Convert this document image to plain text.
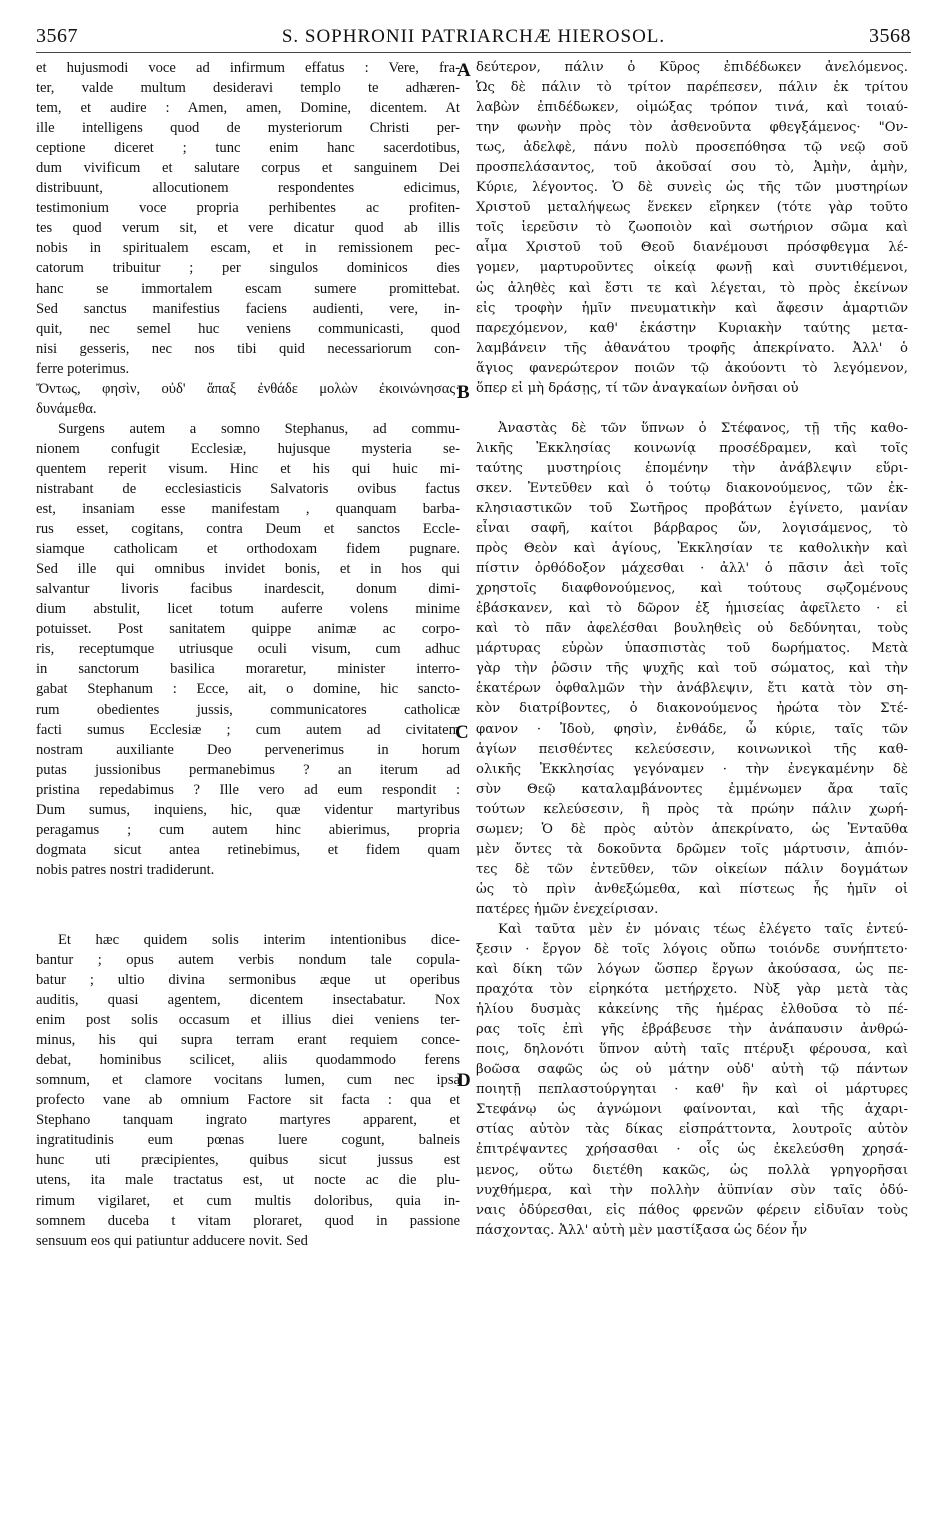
3567	S. SOPHRONII PATRIARCHÆ HIEROSOL.	3568
A
B
C
D
et hujusmodi voce ad infirmum effatus : Vere, fra-
ter, valde multum desideravi templo te adhæren-
tem, et audire : Amen, amen, Domine, dicentem. At
ille intelligens quod de mysteriorum Christi per-
ceptione diceret ; tunc enim hanc sacerdotibus,
dum vivificum et salutare corpus et sanguinem Dei
distribuunt, allocutionem respondentes edicimus,
testimonium voce propria perhibentes ac profiten-
tes quod verum sit, et vere dicatur quod ab illis
nobis in spiritualem escam, et in remissionem pec-
catorum tribuitur ; per singulos dominicos dies
hanc se immortalem escam sumere promittebat.
Sed sanctus manifestius faciens audienti, vere, in-
quit, nec semel huc veniens communicasti, quod
nisi gesseris, nec nos tibi quid necessariorum con-
ferre poterimus.
Ὄντως, φησὶν, οὐδ' ἅπαξ ἐνθάδε μολὼν ἐκοινώνησας·
δυνάμεθα.
Surgens autem a somno Stephanus, ad commu-
nionem confugit Ecclesiæ, hujusque mysteria se-
quentem reperit visum. Hinc et his qui huic mi-
nistrabant de ecclesiasticis Salvatoris ovibus factus
est, insaniam esse manifestam , quanquam barba-
rus esset, cogitans, contra Deum et sanctos Eccle-
siamque catholicam et orthodoxam fidem pugnare.
Sed ille qui omnibus invidet bonis, et in hos qui
salvantur livoris facibus inardescit, donum dimi-
dium abstulit, licet totum auferre volens minime
potuisset. Post sanitatem quippe animæ ac corpo-
ris, receptumque utriusque oculi visum, cum adhuc
in sanctorum basilica moraretur, minister interro-
gabat Stephanum : Ecce, ait, o domine, hic sancto-
rum obedientes jussis, communicatores catholicæ
facti sumus Ecclesiæ ; cum autem ad civitatem
nostram auxiliante Deo pervenerimus in horum
putas jussionibus permanebimus ? an iterum ad
pristina repedabimus ? Ille vero ad eum respondit :
Dum sumus, inquiens, hic, quæ videntur martyribus
peragamus ; cum autem hinc abierimus, propria
dogmata sicut antea retinebimus, et fidem quam
nobis patres nostri tradiderunt.
Et hæc quidem solis interim intentionibus dice-
bantur ; opus autem verbis nondum tale copula-
batur ; ultio divina sermonibus æque ut operibus
auditis, quasi agentem, dicentem insectabatur. Nox
enim post solis occasum et illius diei veniens ter-
minus, his qui supra terram erant requiem conce-
debat, hominibus scilicet, aliis quodammodo ferens
somnum, et clamore vocitans lumen, cum nec ipsa
profecto vane ab omnium Factore sit facta : qua et
Stephano tanquam ingrato martyres apparent, et
ingratitudinis eum pœnas luere cogunt, balneis
hunc uti præcipientes, quibus sicut jussus est
utens, ita male tractatus est, ut nocte ac die plu-
rimum vigilaret, et cum multis doloribus, quia in-
somnem duceba t vitam ploraret, quod in passione
sensuum eos qui patiuntur adducere novit. Sed
δεύτερον, πάλιν ὁ Κῦρος ἐπιδέδωκεν ἀνελόμενος.
Ὡς δὲ πάλιν τὸ τρίτον παρέπεσεν, πάλιν ἐκ τρίτου
λαβὼν ἐπιδέδωκεν, οἰμώξας τρόπον τινά, καὶ τοιαύ-
την φωνὴν πρὸς τὸν ἀσθενοῦντα φθεγξάμενος· "Ον-
τως, ἀδελφὲ, πάνυ πολὺ προσεπόθησα τῷ νεῷ σοῦ
προσπελάσαντος, τοῦ ἀκοῦσαί σου τὸ, Ἀμὴν, ἀμὴν,
Κύριε, λέγοντος. Ὁ δὲ συνεὶς ὡς τῆς τῶν μυστηρίων
Χριστοῦ μεταλήψεως ἕνεκεν εἴρηκεν (τότε γὰρ τοῦτο
τοῖς ἱερεῦσιν τὸ ζωοποιὸν καὶ σωτήριον σῶμα καὶ
αἷμα Χριστοῦ τοῦ Θεοῦ διανέμουσι πρόσφθεγμα λέ-
γομεν, μαρτυροῦντες οἰκείᾳ φωνῇ καὶ συντιθέμενοι,
ὡς ἀληθὲς καὶ ἔστι τε καὶ λέγεται, τὸ πρὸς ἐκείνων
εἰς τροφὴν ἡμῖν πνευματικὴν καὶ ἄφεσιν ἁμαρτιῶν
παρεχόμενον, καθ' ἑκάστην Κυριακὴν ταύτης μετα-
λαμβάνειν τῆς ἀθανάτου τροφῆς ἀπεκρίνατο. Ἀλλ' ὁ
ἅγιος φανερώτερον ποιῶν τῷ ἀκούοντι τὸ λεγόμενον,
ὅπερ εἰ μὴ δράσῃς, τί τῶν ἀναγκαίων ὀνῆσαι οὐ
Ἀναστὰς δὲ τῶν ὕπνων ὁ Στέφανος, τῇ τῆς καθο-
λικῆς Ἐκκλησίας κοινωνίᾳ προσέδραμεν, καὶ τοῖς
ταύτης μυστηρίοις ἑπομένην τὴν ἀνάβλεψιν εὕρι-
σκεν. Ἐντεῦθεν καὶ ὁ τούτῳ διακονούμενος, τῶν ἐκ-
κλησιαστικῶν τοῦ Σωτῆρος προβάτων ἐγίνετο, μανίαν
εἶναι σαφῆ, καίτοι βάρβαρος ὤν, λογισάμενος, τὸ
πρὸς Θεὸν καὶ ἁγίους, Ἐκκλησίαν τε καθολικὴν καὶ
πίστιν ὀρθόδοξον μάχεσθαι · ἀλλ' ὁ πᾶσιν ἀεὶ τοῖς
χρηστοῖς διαφθονούμενος, καὶ τούτους σῳζομένους
ἐβάσκανεν, καὶ τὸ δῶρον ἐξ ἡμισείας ἀφεῖλετο · εἰ
καὶ τὸ πᾶν ἀφελέσθαι βουληθεὶς οὐ δεδύνηται, τοὺς
μάρτυρας εὑρὼν ὑπασπιστὰς τοῦ δωρήματος. Μετὰ
γὰρ τὴν ῥῶσιν τῆς ψυχῆς καὶ τοῦ σώματος, καὶ τὴν
ἑκατέρων ὀφθαλμῶν τὴν ἀνάβλεψιν, ἔτι κατὰ τὸν ση-
κὸν διατρίβοντες, ὁ διακονούμενος ἠρώτα τὸν Στέ-
φανον · Ἰδοὺ, φησὶν, ἐνθάδε, ὦ κύριε, ταῖς τῶν
ἁγίων πεισθέντες κελεύσεσιν, κοινωνικοὶ τῆς καθ-
ολικῆς Ἐκκλησίας γεγόναμεν · τὴν ἐνεγκαμένην δὲ
σὺν Θεῷ καταλαμβάνοντες ἐμμένωμεν ἄρα ταῖς
τούτων κελεύσεσιν, ἢ πρὸς τὰ πρώην πάλιν χωρή-
σωμεν; Ὁ δὲ πρὸς αὐτὸν ἀπεκρίνατο, ὡς Ἐνταῦθα
μὲν ὄντες τὰ δοκοῦντα δρῶμεν τοῖς μάρτυσιν, ἀπιόν-
τες δὲ τῶν ἐντεῦθεν, τῶν οἰκείων πάλιν δογμάτων
ὡς τὸ πρὶν ἀνθεξώμεθα, καὶ πίστεως ἧς ἡμῖν οἱ
πατέρες ἡμῶν ἐνεχείρισαν.
Καὶ ταῦτα μὲν ἐν μόναις τέως ἐλέγετο ταῖς ἐντεύ-
ξεσιν · ἔργον δὲ τοῖς λόγοις οὔπω τοιόνδε συνήπτετο·
καὶ δίκη τῶν λόγων ὥσπερ ἔργων ἀκούσασα, ὡς πε-
πραχότα τὸν εἰρηκότα μετήρχετο. Νὺξ γὰρ μετὰ τὰς
ἡλίου δυσμὰς κἀκείνης τῆς ἡμέρας ἐλθοῦσα τὸ πέ-
ρας τοῖς ἐπὶ γῆς ἐβράβευσε τὴν ἀνάπαυσιν ἀνθρώ-
ποις, δηλονότι ὕπνον αὐτὴ ταῖς πτέρυξι φέρουσα, καὶ
βοῶσα σαφῶς ὡς οὐ μάτην οὐδ' αὐτὴ τῷ πάντων
ποιητῇ πεπλαστούργηται · καθ' ἣν καὶ οἱ μάρτυρες
Στεφάνῳ ὡς ἀγνώμονι φαίνονται, καὶ τῆς ἀχαρι-
στίας αὐτὸν τὰς δίκας εἰσπράττοντα, λουτροῖς αὐτὸν
ἐπιτρέψαντες χρήσασθαι · οἷς ὡς ἐκελεύσθη χρησά-
μενος, οὕτω διετέθη κακῶς, ὡς πολλὰ γρηγορῆσαι
νυχθήμερα, καὶ τὴν πολλὴν ἀϋπνίαν σὺν ταῖς ὀδύ-
ναις ὀδύρεσθαι, εἰς πάθος φρενῶν φέρειν εἰδυῖαν τοὺς
πάσχοντας. Ἀλλ' αὐτὴ μὲν μαστίξασα ὡς δέον ἦν
